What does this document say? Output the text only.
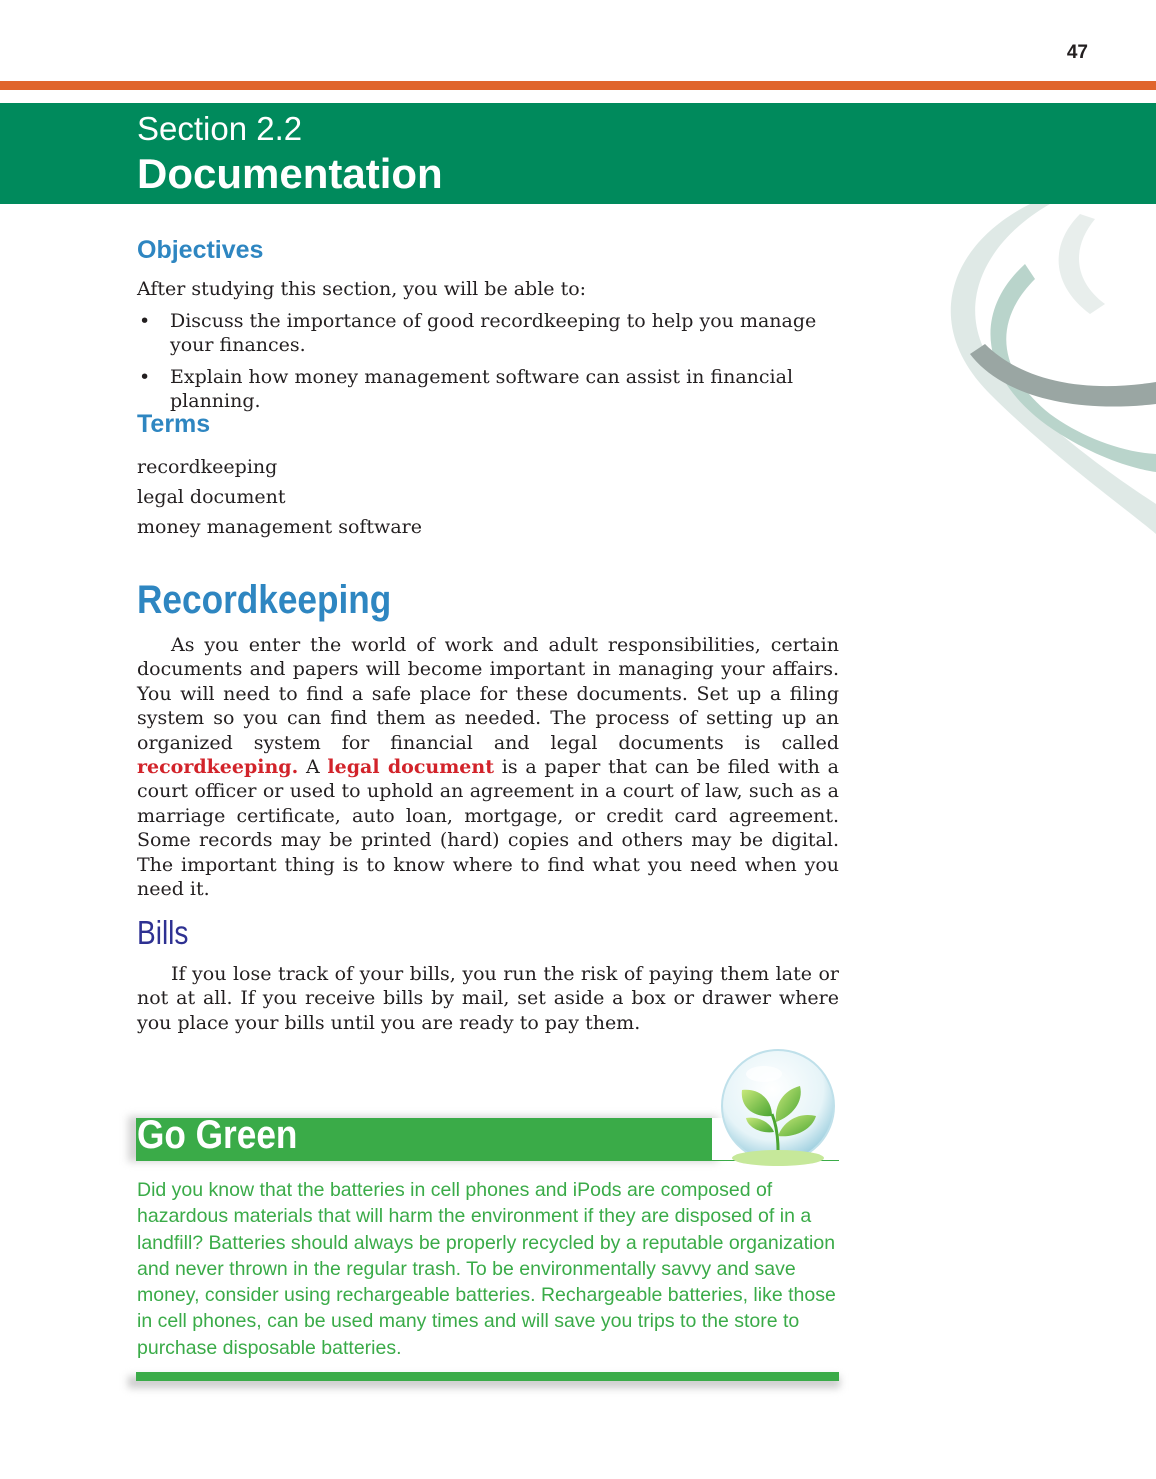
47
Section 2.2
Documentation
Objectives

After studying this section, you will be able to:

• Discuss the importance of good recordkeeping to help you manage your finances.
• Explain how money management software can assist in financial planning.
Terms
recordkeeping
legal document
money management software
Recordkeeping

As you enter the world of work and adult responsibilities, certain documents and papers will become important in managing your affairs. You will need to find a safe place for these documents. Set up a filing system so you can find them as needed. The process of setting up an organized system for financial and legal documents is called recordkeeping. A legal document is a paper that can be filed with a court officer or used to uphold an agreement in a court of law, such as a marriage certificate, auto loan, mortgage, or credit card agreement. Some records may be printed (hard) copies and others may be digital. The important thing is to know where to find what you need when you need it.

Bills

If you lose track of your bills, you run the risk of paying them late or not at all. If you receive bills by mail, set aside a box or drawer where you place your bills until you are ready to pay them.

Go Green

Did you know that the batteries in cell phones and iPods are composed of hazardous materials that will harm the environment if they are disposed of in a landfill? Batteries should always be properly recycled by a reputable organization and never thrown in the regular trash. To be environmentally savvy and save money, consider using rechargeable batteries. Rechargeable batteries, like those in cell phones, can be used many times and will save you trips to the store to purchase disposable batteries.
